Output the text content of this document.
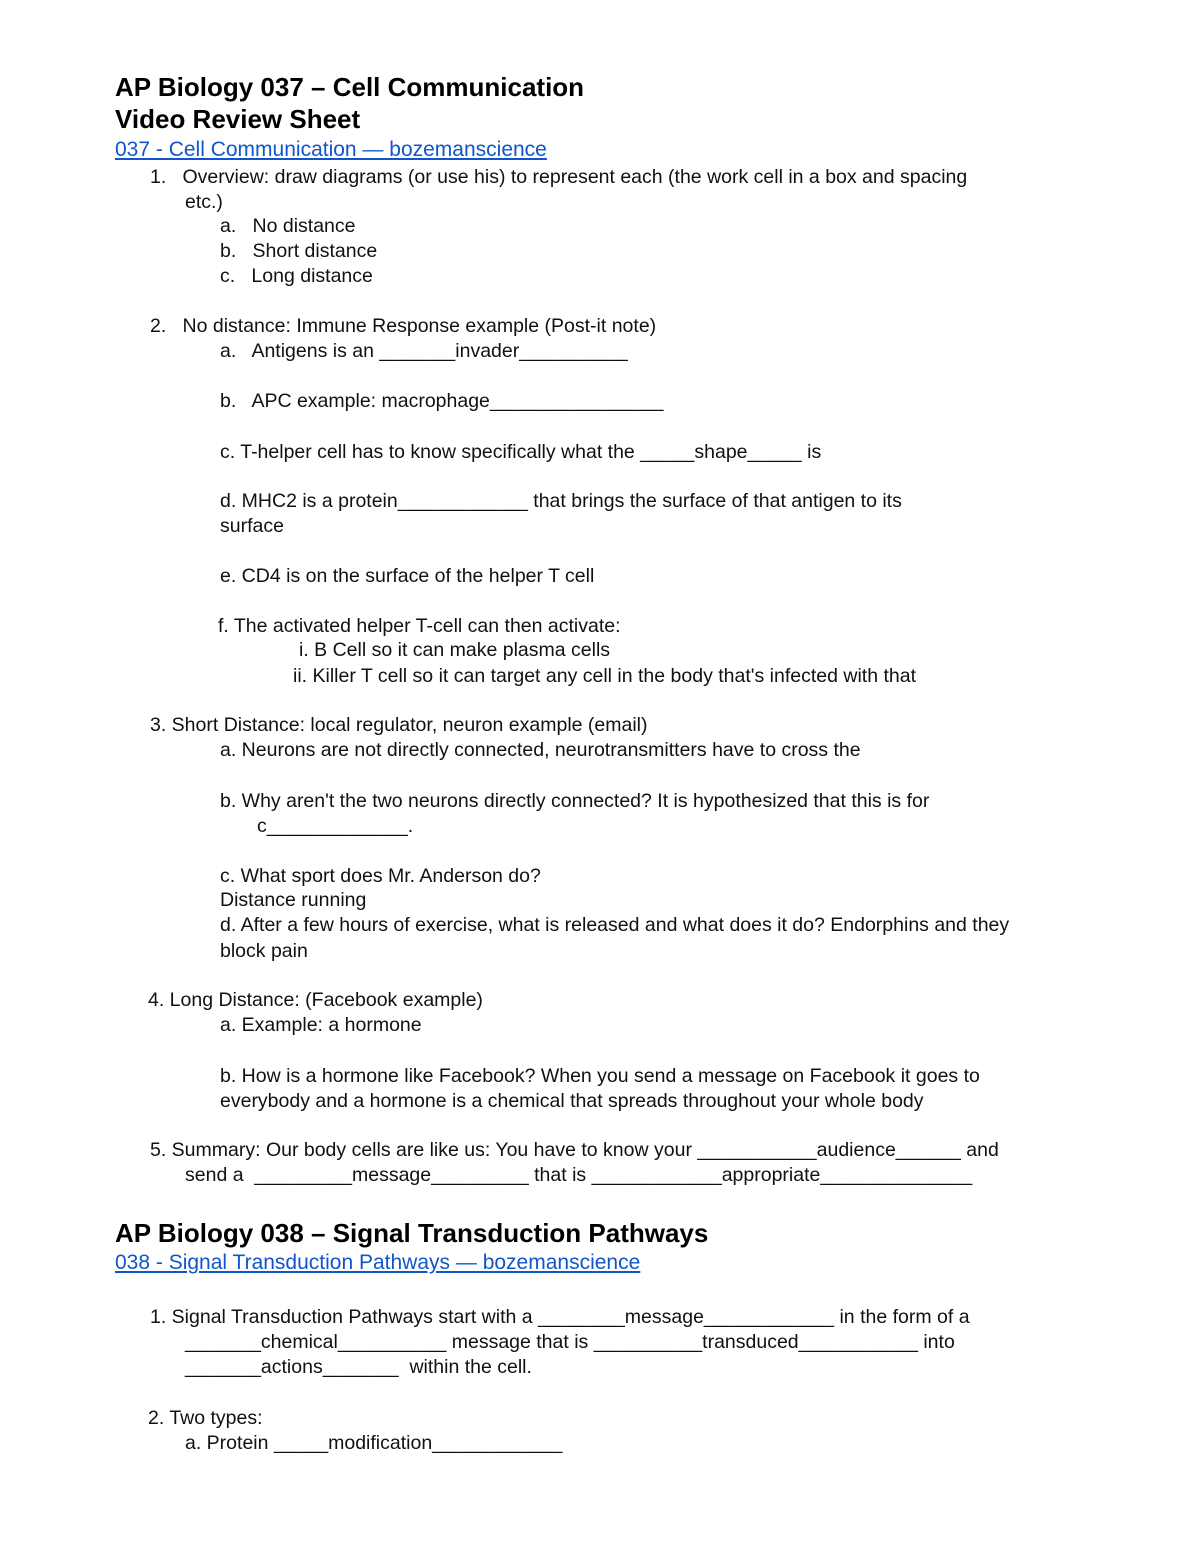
AP Biology 037 – Cell Communication
Video Review Sheet
037 - Cell Communication — bozemanscience
1.   Overview: draw diagrams (or use his) to represent each (the work cell in a box and spacing
etc.)
a.   No distance
b.   Short distance
c.   Long distance
2.   No distance: Immune Response example (Post-it note)
a.   Antigens is an _______invader__________
b.   APC example: macrophage________________
c. T-helper cell has to know specifically what the _____shape_____ is
d. MHC2 is a protein____________ that brings the surface of that antigen to its
surface
e. CD4 is on the surface of the helper T cell
f. The activated helper T-cell can then activate:
i. B Cell so it can make plasma cells
ii. Killer T cell so it can target any cell in the body that's infected with that
3. Short Distance: local regulator, neuron example (email)
a. Neurons are not directly connected, neurotransmitters have to cross the
b. Why aren't the two neurons directly connected? It is hypothesized that this is for
c_____________.
c. What sport does Mr. Anderson do?
Distance running
d. After a few hours of exercise, what is released and what does it do? Endorphins and they
block pain
4. Long Distance: (Facebook example)
a. Example: a hormone
b. How is a hormone like Facebook? When you send a message on Facebook it goes to
everybody and a hormone is a chemical that spreads throughout your whole body
5. Summary: Our body cells are like us: You have to know your ___________audience______ and
send a  _________message_________ that is ____________appropriate______________
AP Biology 038 – Signal Transduction Pathways
038 - Signal Transduction Pathways — bozemanscience
1. Signal Transduction Pathways start with a ________message____________ in the form of a
_______chemical__________ message that is __________transduced___________ into
_______actions_______  within the cell.
2. Two types:
a. Protein _____modification____________
